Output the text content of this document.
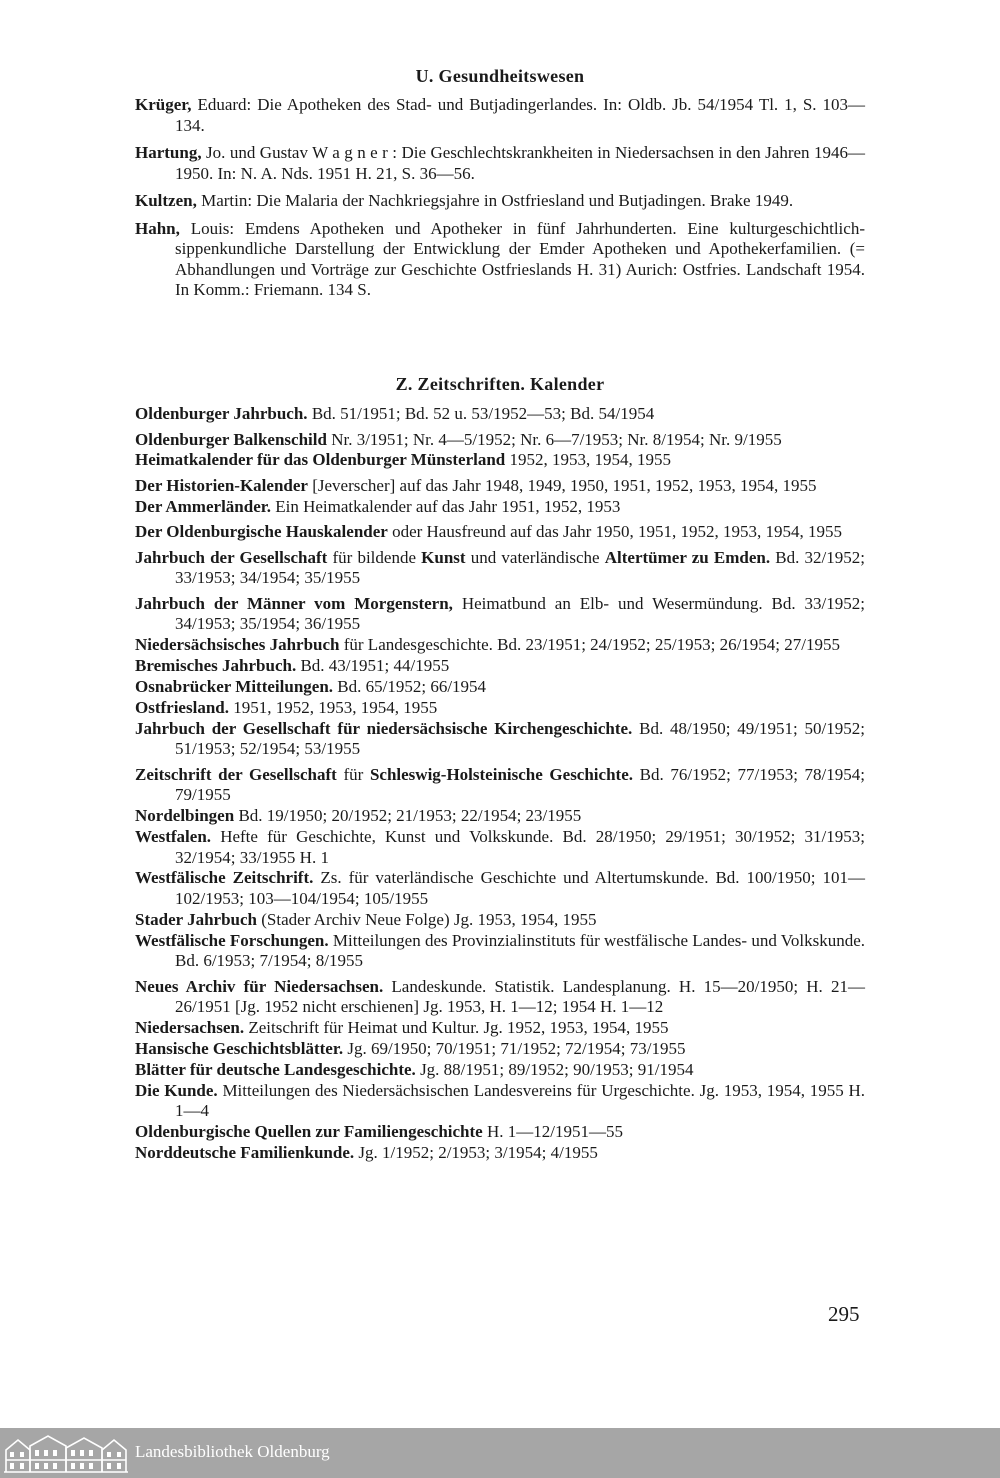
U. Gesundheitswesen
Krüger, Eduard: Die Apotheken des Stad- und Butjadingerlandes. In: Oldb. Jb. 54/1954 Tl. 1, S. 103—134.
Hartung, Jo. und Gustav W a g n e r : Die Geschlechtskrankheiten in Niedersachsen in den Jahren 1946—1950. In: N. A. Nds. 1951 H. 21, S. 36—56.
Kultzen, Martin: Die Malaria der Nachkriegsjahre in Ostfriesland und Butjadingen. Brake 1949.
Hahn, Louis: Emdens Apotheken und Apotheker in fünf Jahrhunderten. Eine kulturgeschichtlich-sippenkundliche Darstellung der Entwicklung der Emder Apotheken und Apothekerfamilien. (= Abhandlungen und Vorträge zur Geschichte Ostfrieslands H. 31) Aurich: Ostfries. Landschaft 1954. In Komm.: Friemann. 134 S.
Z. Zeitschriften. Kalender
Oldenburger Jahrbuch. Bd. 51/1951; Bd. 52 u. 53/1952—53; Bd. 54/1954
Oldenburger Balkenschild Nr. 3/1951; Nr. 4—5/1952; Nr. 6—7/1953; Nr. 8/1954; Nr. 9/1955
Heimatkalender für das Oldenburger Münsterland 1952, 1953, 1954, 1955
Der Historien-Kalender [Jeverscher] auf das Jahr 1948, 1949, 1950, 1951, 1952, 1953, 1954, 1955
Der Ammerländer. Ein Heimatkalender auf das Jahr 1951, 1952, 1953
Der Oldenburgische Hauskalender oder Hausfreund auf das Jahr 1950, 1951, 1952, 1953, 1954, 1955
Jahrbuch der Gesellschaft für bildende Kunst und vaterländische Altertümer zu Emden. Bd. 32/1952; 33/1953; 34/1954; 35/1955
Jahrbuch der Männer vom Morgenstern, Heimatbund an Elb- und Wesermündung. Bd. 33/1952; 34/1953; 35/1954; 36/1955
Niedersächsisches Jahrbuch für Landesgeschichte. Bd. 23/1951; 24/1952; 25/1953; 26/1954; 27/1955
Bremisches Jahrbuch. Bd. 43/1951; 44/1955
Osnabrücker Mitteilungen. Bd. 65/1952; 66/1954
Ostfriesland. 1951, 1952, 1953, 1954, 1955
Jahrbuch der Gesellschaft für niedersächsische Kirchengeschichte. Bd. 48/1950; 49/1951; 50/1952; 51/1953; 52/1954; 53/1955
Zeitschrift der Gesellschaft für Schleswig-Holsteinische Geschichte. Bd. 76/1952; 77/1953; 78/1954; 79/1955
Nordelbingen Bd. 19/1950; 20/1952; 21/1953; 22/1954; 23/1955
Westfalen. Hefte für Geschichte, Kunst und Volkskunde. Bd. 28/1950; 29/1951; 30/1952; 31/1953; 32/1954; 33/1955 H. 1
Westfälische Zeitschrift. Zs. für vaterländische Geschichte und Altertumskunde. Bd. 100/1950; 101—102/1953; 103—104/1954; 105/1955
Stader Jahrbuch (Stader Archiv Neue Folge) Jg. 1953, 1954, 1955
Westfälische Forschungen. Mitteilungen des Provinzialinstituts für westfälische Landes- und Volkskunde. Bd. 6/1953; 7/1954; 8/1955
Neues Archiv für Niedersachsen. Landeskunde. Statistik. Landesplanung. H. 15—20/1950; H. 21—26/1951 [Jg. 1952 nicht erschienen] Jg. 1953, H. 1—12; 1954 H. 1—12
Niedersachsen. Zeitschrift für Heimat und Kultur. Jg. 1952, 1953, 1954, 1955
Hansische Geschichtsblätter. Jg. 69/1950; 70/1951; 71/1952; 72/1954; 73/1955
Blätter für deutsche Landesgeschichte. Jg. 88/1951; 89/1952; 90/1953; 91/1954
Die Kunde. Mitteilungen des Niedersächsischen Landesvereins für Urgeschichte. Jg. 1953, 1954, 1955 H. 1—4
Oldenburgische Quellen zur Familiengeschichte H. 1—12/1951—55
Norddeutsche Familienkunde. Jg. 1/1952; 2/1953; 3/1954; 4/1955
295
Landesbibliothek Oldenburg
